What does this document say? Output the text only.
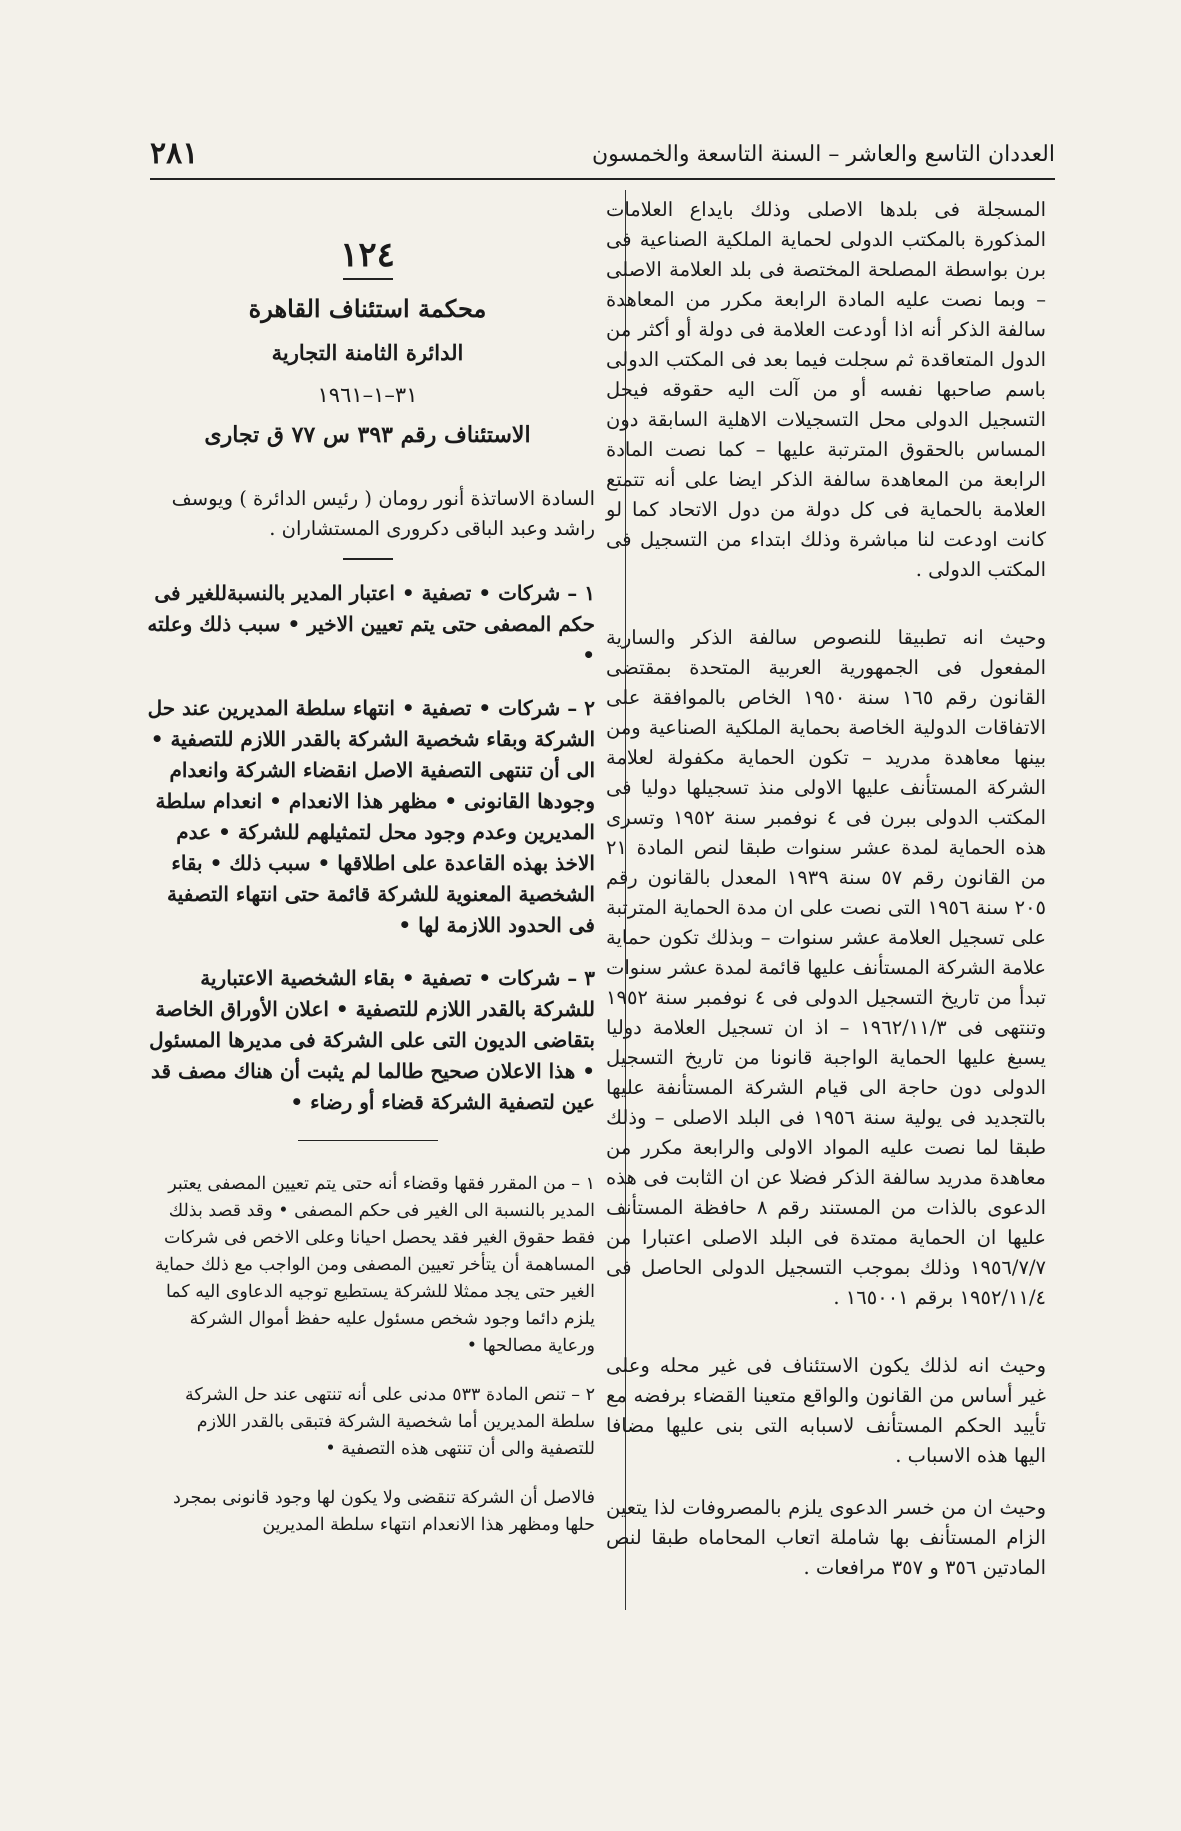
٢٨١	العددان التاسع والعاشر – السنة التاسعة والخمسون

المسجلة فى بلدها الاصلى وذلك بايداع العلامات المذكورة بالمكتب الدولى لحماية الملكية الصناعية فى برن بواسطة المصلحة المختصة فى بلد العلامة الاصلى – وبما نصت عليه المادة الرابعة مكرر من المعاهدة سالفة الذكر أنه اذا أودعت العلامة فى دولة أو أكثر من الدول المتعاقدة ثم سجلت فيما بعد فى المكتب الدولى باسم صاحبها نفسه أو من آلت اليه حقوقه فيحل التسجيل الدولى محل التسجيلات الاهلية السابقة دون المساس بالحقوق المترتبة عليها – كما نصت المادة الرابعة من المعاهدة سالفة الذكر ايضا على أنه تتمتع العلامة بالحماية فى كل دولة من دول الاتحاد كما لو كانت اودعت لنا مباشرة وذلك ابتداء من التسجيل فى المكتب الدولى .

وحيث انه تطبيقا للنصوص سالفة الذكر والسارية المفعول فى الجمهورية العربية المتحدة بمقتضى القانون رقم ١٦٥ سنة ١٩٥٠ الخاص بالموافقة على الاتفاقات الدولية الخاصة بحماية الملكية الصناعية ومن بينها معاهدة مدريد – تكون الحماية مكفولة لعلامة الشركة المستأنف عليها الاولى منذ تسجيلها دوليا فى المكتب الدولى ببرن فى ٤ نوفمبر سنة ١٩٥٢ وتسرى هذه الحماية لمدة عشر سنوات طبقا لنص المادة ٢١ من القانون رقم ٥٧ سنة ١٩٣٩ المعدل بالقانون رقم ٢٠٥ سنة ١٩٥٦ التى نصت على ان مدة الحماية المترتبة على تسجيل العلامة عشر سنوات – وبذلك تكون حماية علامة الشركة المستأنف عليها قائمة لمدة عشر سنوات تبدأ من تاريخ التسجيل الدولى فى ٤ نوفمبر سنة ١٩٥٢ وتنتهى فى ١٩٦٢/١١/٣ – اذ ان تسجيل العلامة دوليا يسبغ عليها الحماية الواجبة قانونا من تاريخ التسجيل الدولى دون حاجة الى قيام الشركة المستأنفة عليها بالتجديد فى يولية سنة ١٩٥٦ فى البلد الاصلى – وذلك طبقا لما نصت عليه المواد الاولى والرابعة مكرر من معاهدة مدريد سالفة الذكر فضلا عن ان الثابت فى هذه الدعوى بالذات من المستند رقم ٨ حافظة المستأنف عليها ان الحماية ممتدة فى البلد الاصلى اعتبارا من ١٩٥٦/٧/٧ وذلك بموجب التسجيل الدولى الحاصل فى ١٩٥٢/١١/٤ برقم ١٦٥٠٠١ .

وحيث انه لذلك يكون الاستئناف فى غير محله وعلى غير أساس من القانون والواقع متعينا القضاء برفضه مع تأييد الحكم المستأنف لاسبابه التى بنى عليها مضافا اليها هذه الاسباب .

وحيث ان من خسر الدعوى يلزم بالمصروفات لذا يتعين الزام المستأنف بها شاملة اتعاب المحاماه طبقا لنص المادتين ٣٥٦ و ٣٥٧ مرافعات .

١٢٤

محكمة استئناف القاهرة

الدائرة الثامنة التجارية

٣١–١–١٩٦١

الاستئناف رقم ٣٩٣ س ٧٧ ق تجارى

السادة الاساتذة أنور رومان ( رئيس الدائرة ) ويوسف راشد وعبد الباقى دكرورى المستشاران .

١ – شركات • تصفية • اعتبار المدير بالنسبةللغير فى حكم المصفى حتى يتم تعيين الاخير • سبب ذلك وعلته •

٢ – شركات • تصفية • انتهاء سلطة المديرين عند حل الشركة وبقاء شخصية الشركة بالقدر اللازم للتصفية • الى أن تنتهى التصفية الاصل انقضاء الشركة وانعدام وجودها القانونى • مظهر هذا الانعدام • انعدام سلطة المديرين وعدم وجود محل لتمثيلهم للشركة • عدم الاخذ بهذه القاعدة على اطلاقها • سبب ذلك • بقاء الشخصية المعنوية للشركة قائمة حتى انتهاء التصفية فى الحدود اللازمة لها •

٣ – شركات • تصفية • بقاء الشخصية الاعتبارية للشركة بالقدر اللازم للتصفية • اعلان الأوراق الخاصة بتقاضى الديون التى على الشركة فى مديرها المسئول • هذا الاعلان صحيح طالما لم يثبت أن هناك مصف قد عين لتصفية الشركة قضاء أو رضاء •

١ – من المقرر فقها وقضاء أنه حتى يتم تعيين المصفى يعتبر المدير بالنسبة الى الغير فى حكم المصفى • وقد قصد بذلك فقط حقوق الغير فقد يحصل احيانا وعلى الاخص فى شركات المساهمة أن يتأخر تعيين المصفى ومن الواجب مع ذلك حماية الغير حتى يجد ممثلا للشركة يستطيع توجيه الدعاوى اليه كما يلزم دائما وجود شخص مسئول عليه حفظ أموال الشركة ورعاية مصالحها •

٢ – تنص المادة ٥٣٣ مدنى على أنه تنتهى عند حل الشركة سلطة المديرين أما شخصية الشركة فتبقى بالقدر اللازم للتصفية والى أن تنتهى هذه التصفية •

فالاصل أن الشركة تنقضى ولا يكون لها وجود قانونى بمجرد حلها ومظهر هذا الانعدام انتهاء سلطة المديرين
